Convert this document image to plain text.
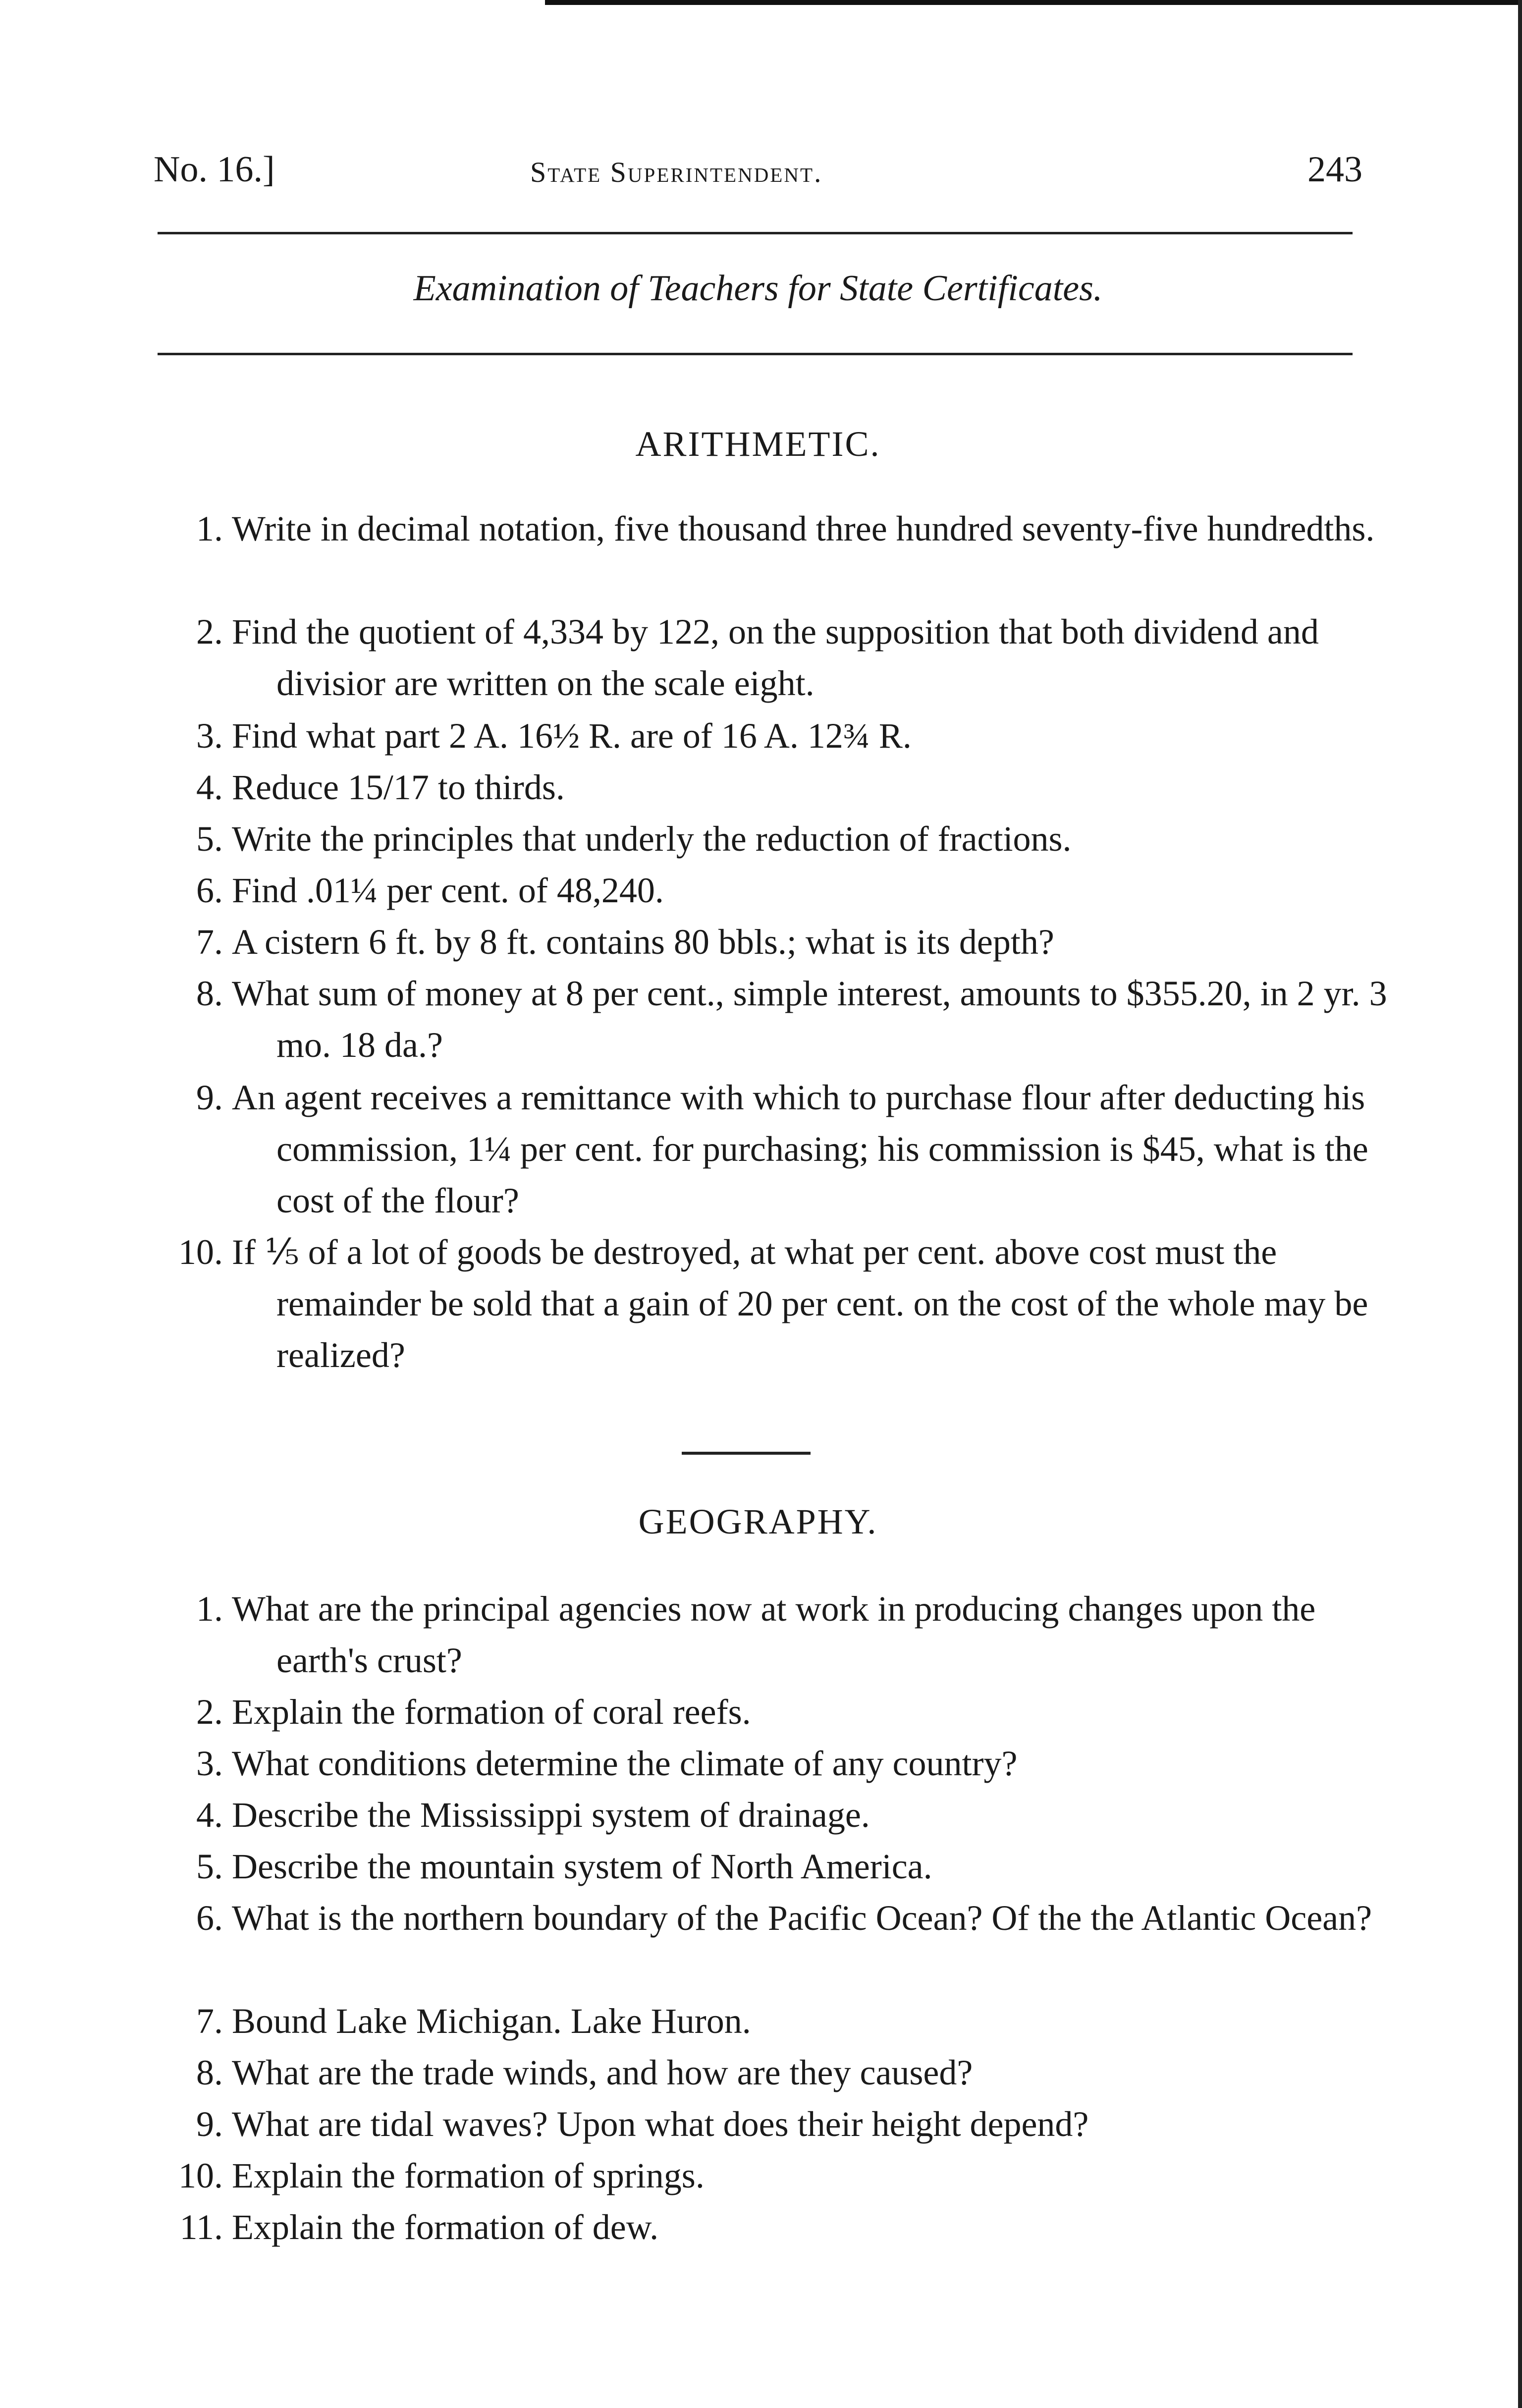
No. 16.]	State Superintendent.	243
Examination of Teachers for State Certificates.
ARITHMETIC.
1. Write in decimal notation, five thousand three hundred seventy-five hundredths.
2. Find the quotient of 4,334 by 122, on the supposition that both dividend and divisior are written on the scale eight.
3. Find what part 2 A. 16½ R. are of 16 A. 12¾ R.
4. Reduce 15/17 to thirds.
5. Write the principles that underly the reduction of fractions.
6. Find .01¼ per cent. of 48,240.
7. A cistern 6 ft. by 8 ft. contains 80 bbls.; what is its depth?
8. What sum of money at 8 per cent., simple interest, amounts to $355.20, in 2 yr. 3 mo. 18 da.?
9. An agent receives a remittance with which to purchase flour after deducting his commission, 1¼ per cent. for purchasing; his commission is $45, what is the cost of the flour?
10. If ⅕ of a lot of goods be destroyed, at what per cent. above cost must the remainder be sold that a gain of 20 per cent. on the cost of the whole may be realized?
GEOGRAPHY.
1. What are the principal agencies now at work in producing changes upon the earth's crust?
2. Explain the formation of coral reefs.
3. What conditions determine the climate of any country?
4. Describe the Mississippi system of drainage.
5. Describe the mountain system of North America.
6. What is the northern boundary of the Pacific Ocean? Of the the Atlantic Ocean?
7. Bound Lake Michigan. Lake Huron.
8. What are the trade winds, and how are they caused?
9. What are tidal waves? Upon what does their height depend?
10. Explain the formation of springs.
11. Explain the formation of dew.
